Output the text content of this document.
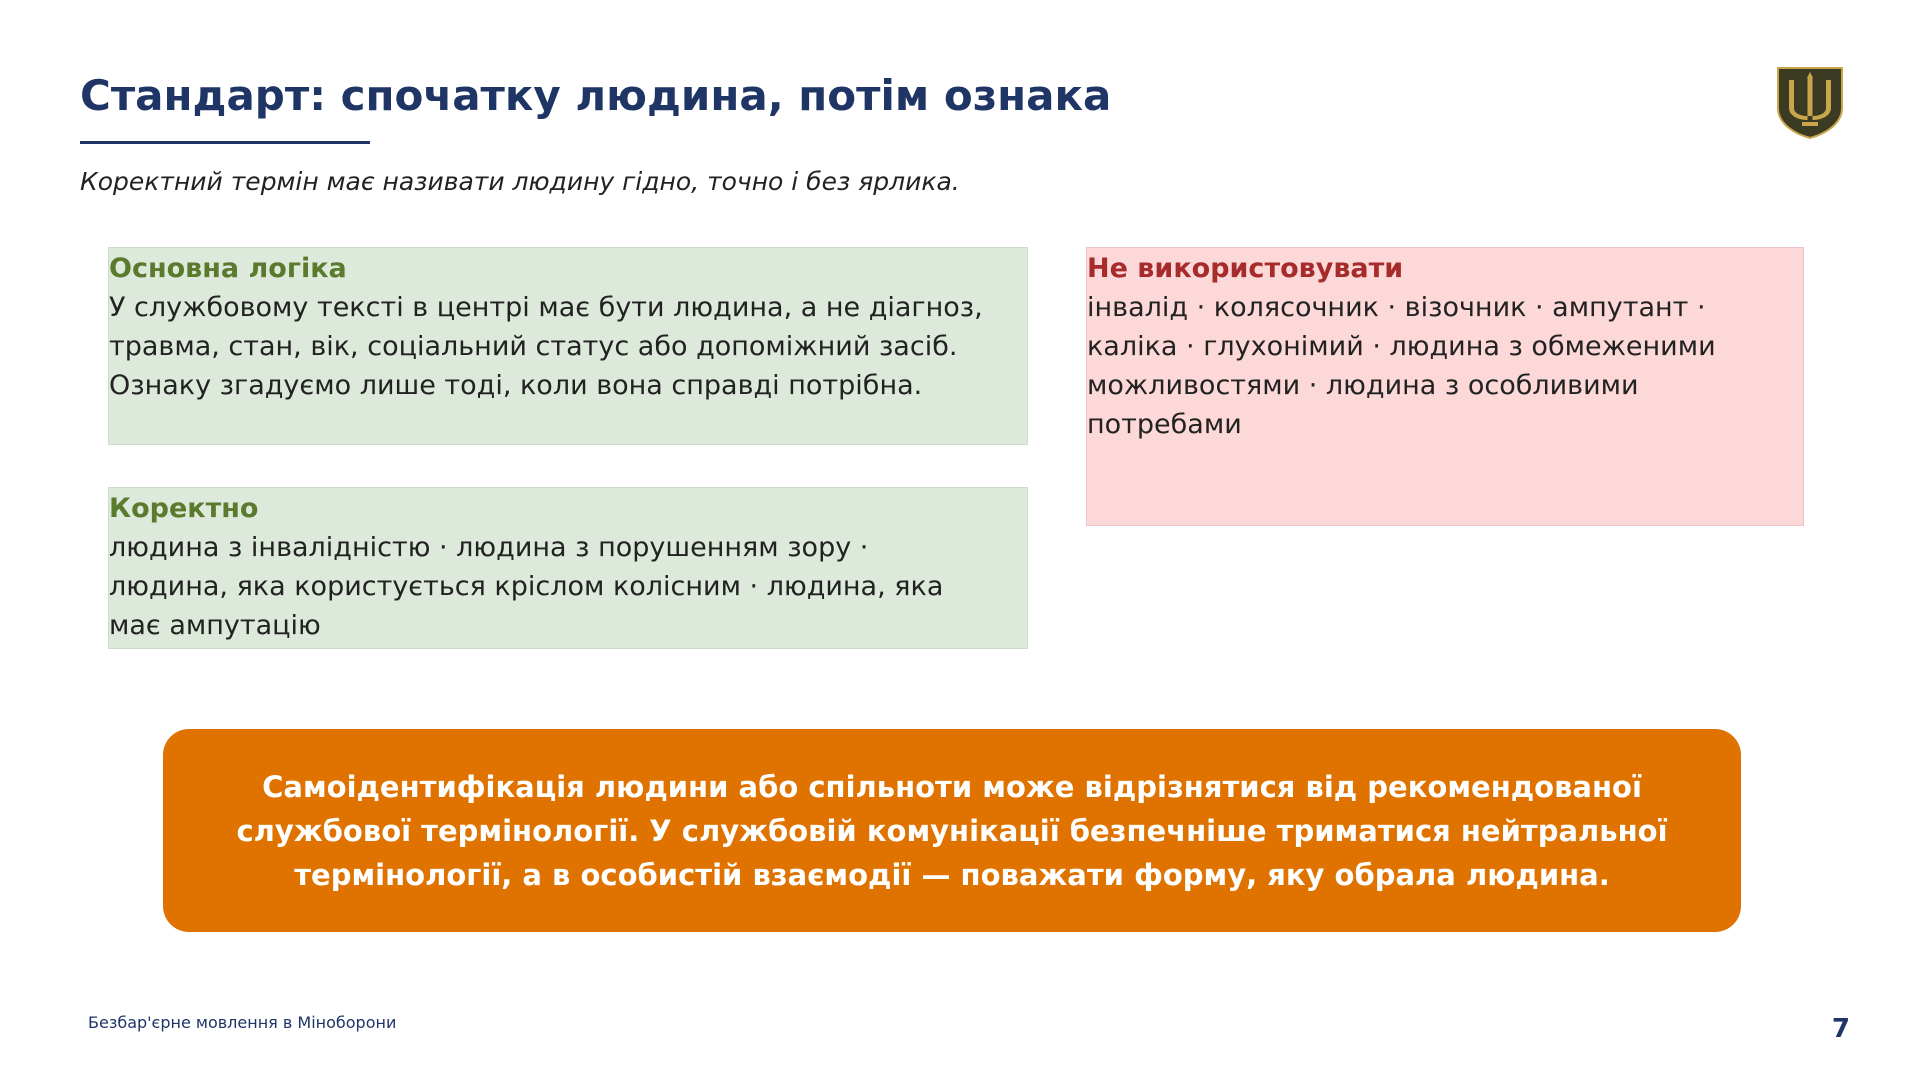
Стандарт: спочатку людина, потім ознака

Коректний термін має називати людину гідно, точно і без ярлика.

Основна логіка

У службовому тексті в центрі має бути людина, а не діагноз,

травма, стан, вік, соціальний статус або допоміжний засіб.

Ознаку згадуємо лише тоді, коли вона справді потрібна.

Коректно

людина з інвалідністю · людина з порушенням зору ·

людина, яка користується кріслом колісним · людина, яка

має ампутацію

Не використовувати

інвалід · колясочник · візочник · ампутант ·

каліка · глухонімий · людина з обмеженими

можливостями · людина з особливими

потребами

Самоідентифікація людини або спільноти може відрізнятися від рекомендованої
службової термінології. У службовій комунікації безпечніше триматися нейтральної
термінології, а в особистій взаємодії — поважати форму, яку обрала людина.

Безбар'єрне мовлення в Міноборони	7
